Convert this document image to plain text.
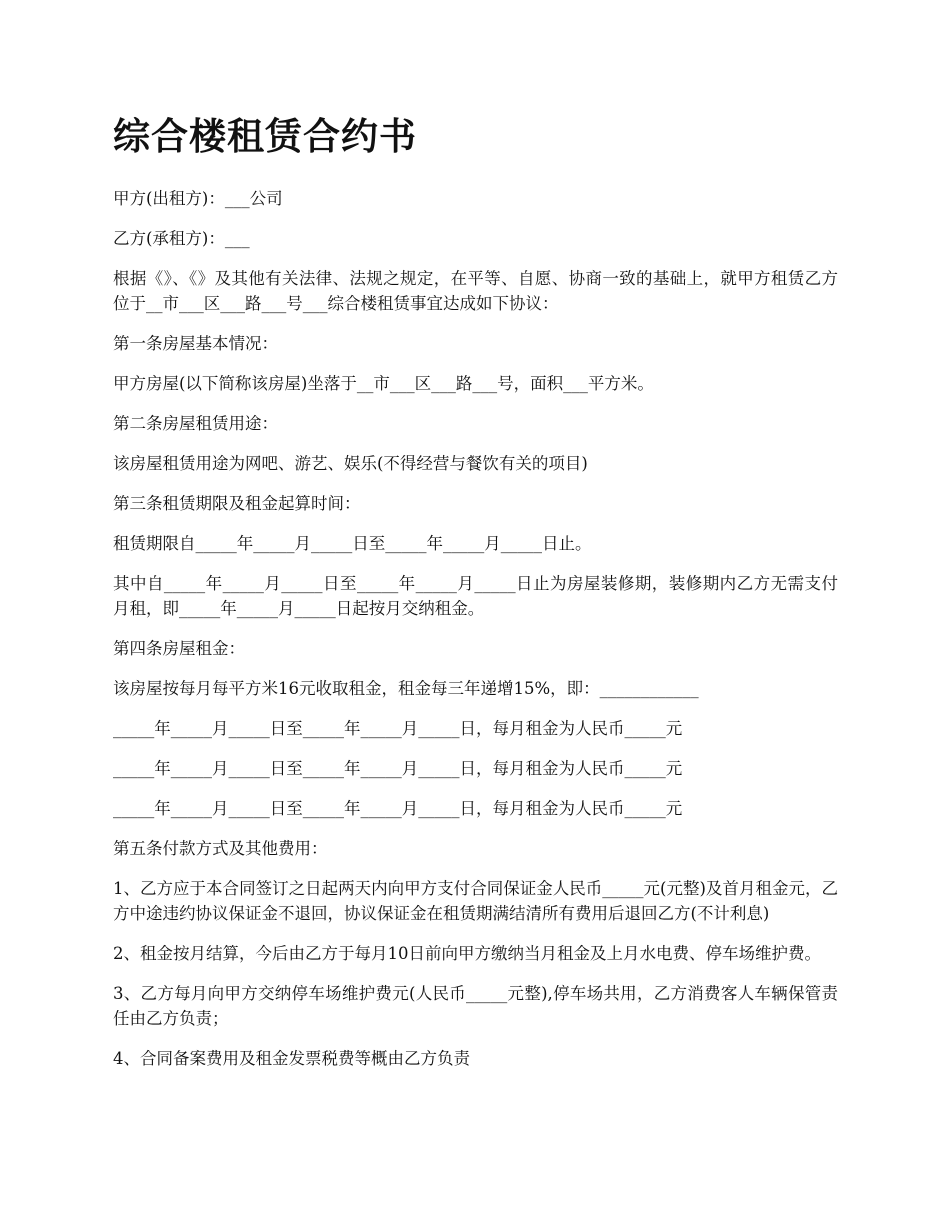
综合楼租赁合约书

甲方(出租方)：___公司

乙方(承租方)：___

根据《》、《》及其他有关法律、法规之规定，在平等、自愿、协商一致的基础上，就甲方租赁乙方位于__市___区___路___号___综合楼租赁事宜达成如下协议：

第一条房屋基本情况：

甲方房屋(以下简称该房屋)坐落于__市___区___路___号，面积___平方米。

第二条房屋租赁用途：

该房屋租赁用途为网吧、游艺、娱乐(不得经营与餐饮有关的项目)

第三条租赁期限及租金起算时间：

租赁期限自_____年_____月_____日至_____年_____月_____日止。

其中自_____年_____月_____日至_____年_____月_____日止为房屋装修期，装修期内乙方无需支付月租，即_____年_____月_____日起按月交纳租金。

第四条房屋租金：

该房屋按每月每平方米16元收取租金，租金每三年递增15%，即：____________

_____年_____月_____日至_____年_____月_____日，每月租金为人民币_____元

_____年_____月_____日至_____年_____月_____日，每月租金为人民币_____元

_____年_____月_____日至_____年_____月_____日，每月租金为人民币_____元

第五条付款方式及其他费用：

1、乙方应于本合同签订之日起两天内向甲方支付合同保证金人民币_____元(元整)及首月租金元，乙方中途违约协议保证金不退回，协议保证金在租赁期满结清所有费用后退回乙方(不计利息)

2、租金按月结算，今后由乙方于每月10日前向甲方缴纳当月租金及上月水电费、停车场维护费。

3、乙方每月向甲方交纳停车场维护费元(人民币_____元整),停车场共用，乙方消费客人车辆保管责任由乙方负责；

4、合同备案费用及租金发票税费等概由乙方负责
